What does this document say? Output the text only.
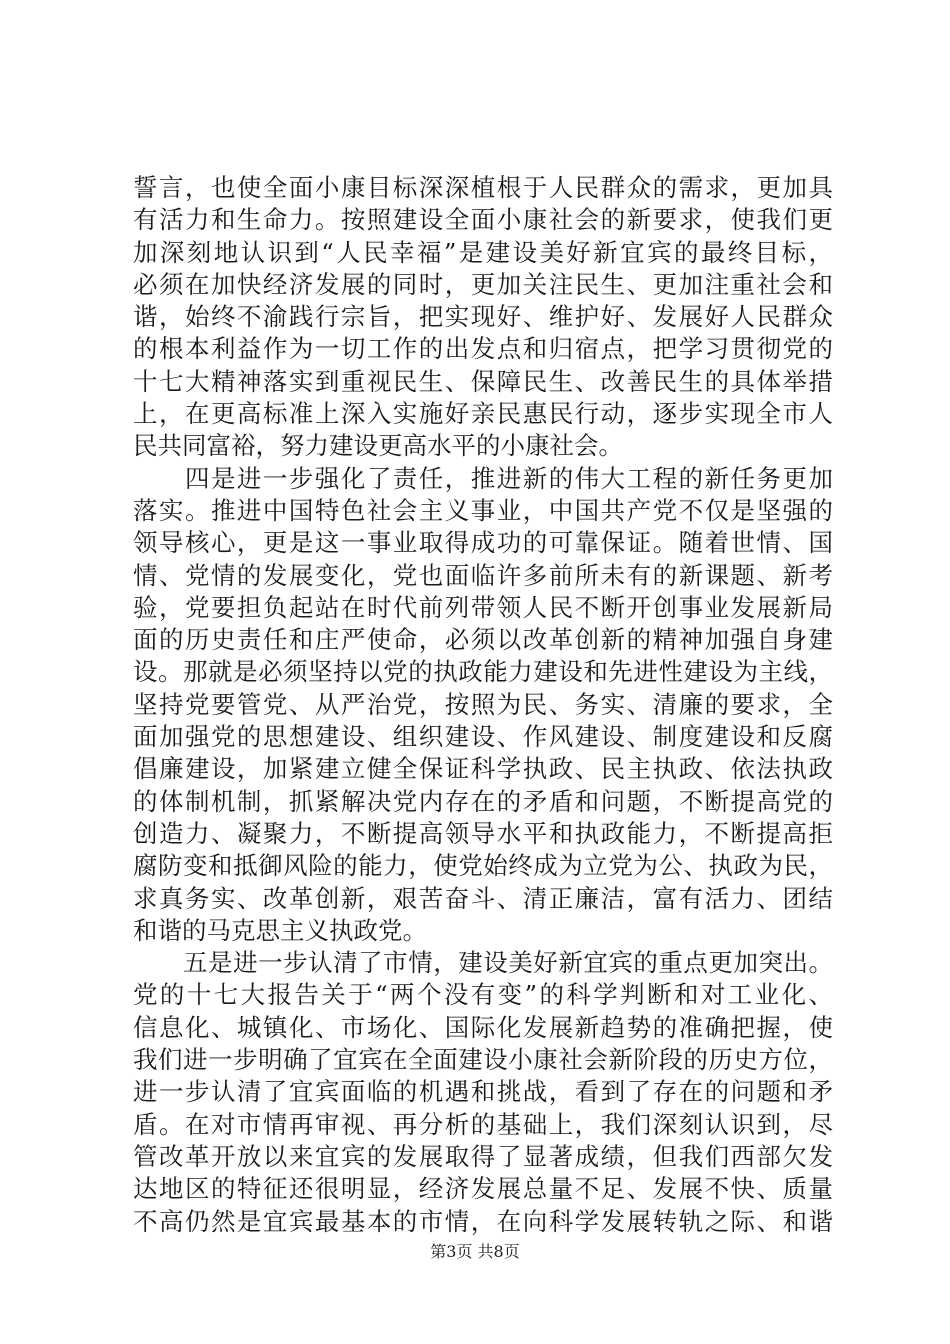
誓言，也使全面小康目标深深植根于人民群众的需求，更加具
有活力和生命力。按照建设全面小康社会的新要求，使我们更
加深刻地认识到“人民幸福”是建设美好新宜宾的最终目标，
必须在加快经济发展的同时，更加关注民生、更加注重社会和
谐，始终不渝践行宗旨，把实现好、维护好、发展好人民群众
的根本利益作为一切工作的出发点和归宿点，把学习贯彻党的
十七大精神落实到重视民生、保障民生、改善民生的具体举措
上，在更高标准上深入实施好亲民惠民行动，逐步实现全市人
民共同富裕，努力建设更高水平的小康社会。
　　四是进一步强化了责任，推进新的伟大工程的新任务更加
落实。推进中国特色社会主义事业，中国共产党不仅是坚强的
领导核心，更是这一事业取得成功的可靠保证。随着世情、国
情、党情的发展变化，党也面临许多前所未有的新课题、新考
验，党要担负起站在时代前列带领人民不断开创事业发展新局
面的历史责任和庄严使命，必须以改革创新的精神加强自身建
设。那就是必须坚持以党的执政能力建设和先进性建设为主线，
坚持党要管党、从严治党，按照为民、务实、清廉的要求，全
面加强党的思想建设、组织建设、作风建设、制度建设和反腐
倡廉建设，加紧建立健全保证科学执政、民主执政、依法执政
的体制机制，抓紧解决党内存在的矛盾和问题，不断提高党的
创造力、凝聚力，不断提高领导水平和执政能力，不断提高拒
腐防变和抵御风险的能力，使党始终成为立党为公、执政为民，
求真务实、改革创新，艰苦奋斗、清正廉洁，富有活力、团结
和谐的马克思主义执政党。
　　五是进一步认清了市情，建设美好新宜宾的重点更加突出。
党的十七大报告关于“两个没有变”的科学判断和对工业化、
信息化、城镇化、市场化、国际化发展新趋势的准确把握，使
我们进一步明确了宜宾在全面建设小康社会新阶段的历史方位，
进一步认清了宜宾面临的机遇和挑战，看到了存在的问题和矛
盾。在对市情再审视、再分析的基础上，我们深刻认识到，尽
管改革开放以来宜宾的发展取得了显著成绩，但我们西部欠发
达地区的特征还很明显，经济发展总量不足、发展不快、质量
不高仍然是宜宾最基本的市情，在向科学发展转轨之际、和谐
第3页 共8页
